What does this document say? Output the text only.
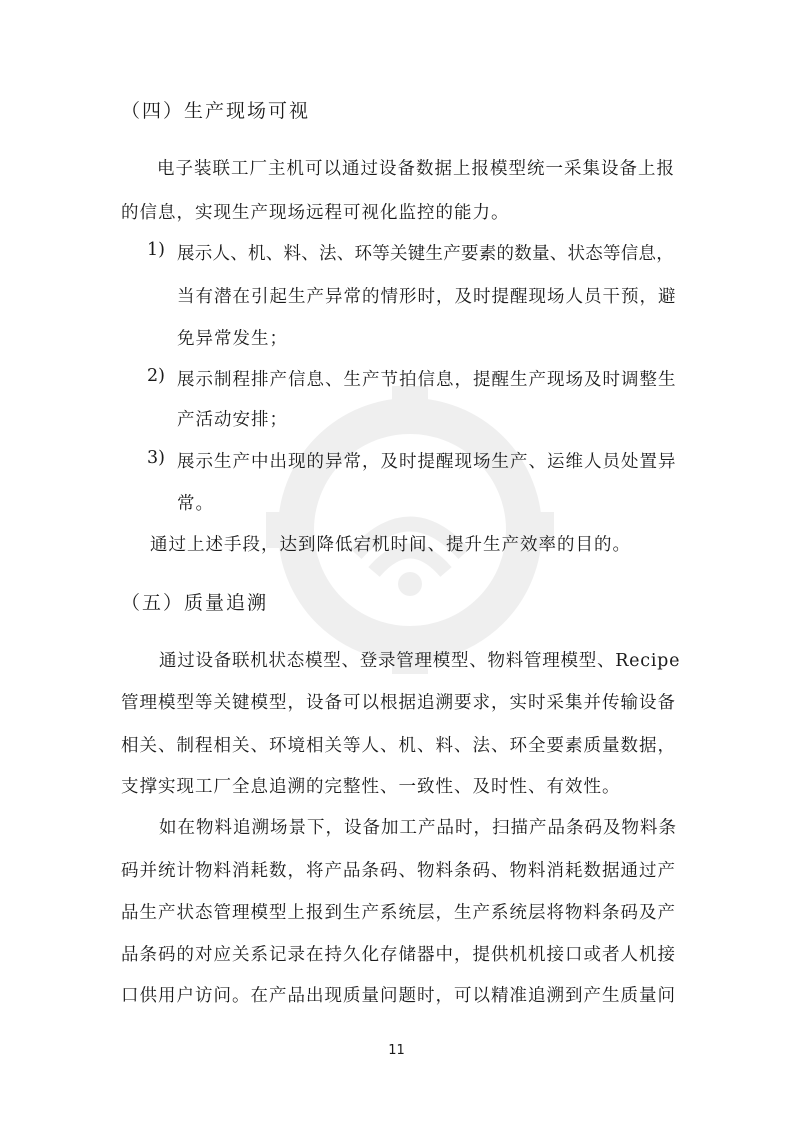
（四）生产现场可视
电子装联工厂主机可以通过设备数据上报模型统一采集设备上报
的信息，实现生产现场远程可视化监控的能力。
1) 展示人、机、料、法、环等关键生产要素的数量、状态等信息，
当有潜在引起生产异常的情形时，及时提醒现场人员干预，避
免异常发生；
2) 展示制程排产信息、生产节拍信息，提醒生产现场及时调整生
产活动安排；
3) 展示生产中出现的异常，及时提醒现场生产、运维人员处置异
常。
通过上述手段，达到降低宕机时间、提升生产效率的目的。
（五）质量追溯
通过设备联机状态模型、登录管理模型、物料管理模型、Recipe
管理模型等关键模型，设备可以根据追溯要求，实时采集并传输设备
相关、制程相关、环境相关等人、机、料、法、环全要素质量数据，
支撑实现工厂全息追溯的完整性、一致性、及时性、有效性。
如在物料追溯场景下，设备加工产品时，扫描产品条码及物料条
码并统计物料消耗数，将产品条码、物料条码、物料消耗数据通过产
品生产状态管理模型上报到生产系统层，生产系统层将物料条码及产
品条码的对应关系记录在持久化存储器中，提供机机接口或者人机接
口供用户访问。在产品出现质量问题时，可以精准追溯到产生质量问
11
